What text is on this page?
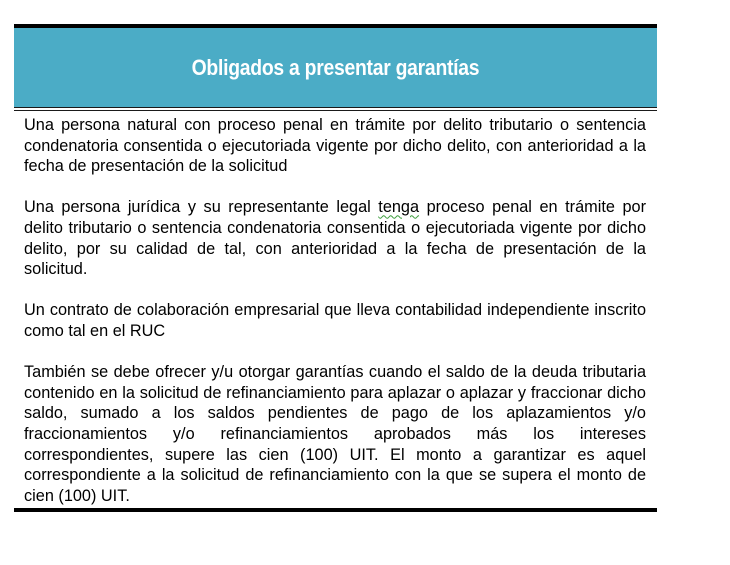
Obligados a presentar garantías

Una persona natural con proceso penal en trámite por delito tributario o sentencia condenatoria consentida o ejecutoriada vigente por dicho delito, con anterioridad a la fecha de presentación de la solicitud

Una persona jurídica y su representante legal tenga proceso penal en trámite por delito tributario o sentencia condenatoria consentida o ejecutoriada vigente por dicho delito, por su calidad de tal, con anterioridad a la fecha de presentación de la solicitud.

Un contrato de colaboración empresarial que lleva contabilidad independiente inscrito como tal en el RUC

También se debe ofrecer y/u otorgar garantías cuando el saldo de la deuda tributaria contenido en la solicitud de refinanciamiento para aplazar o aplazar y fraccionar dicho saldo, sumado a los saldos pendientes de pago de los aplazamientos y/o fraccionamientos y/o refinanciamientos aprobados más los intereses correspondientes, supere las cien (100) UIT. El monto a garantizar es aquel correspondiente a la solicitud de refinanciamiento con la que se supera el monto de cien (100) UIT.
